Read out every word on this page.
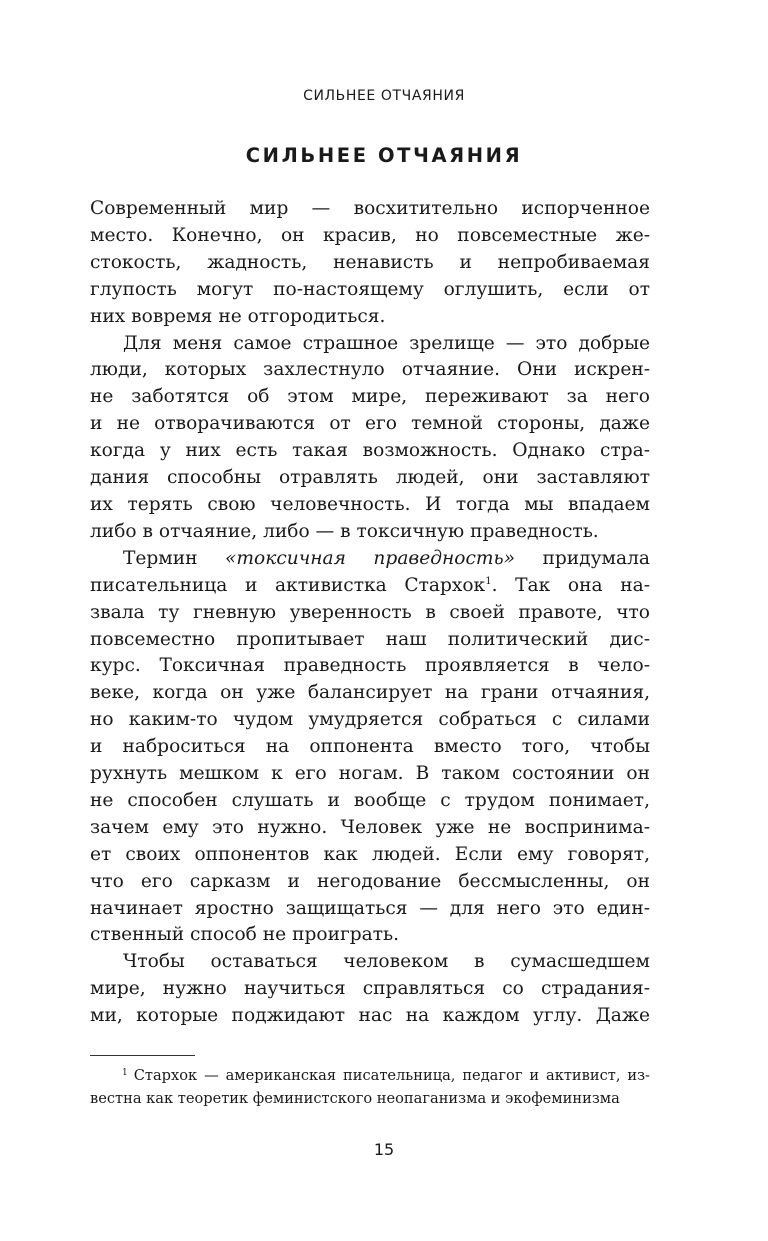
СИЛЬНЕЕ ОТЧАЯНИЯ
СИЛЬНЕЕ ОТЧАЯНИЯ

Современный мир — восхитительно испорченное

место. Конечно, он красив, но повсеместные же-

стокость, жадность, ненависть и непробиваемая

глупость могут по-настоящему оглушить, если от

них вовремя не отгородиться.

Для меня самое страшное зрелище — это добрые

люди, которых захлестнуло отчаяние. Они искрен-

не заботятся об этом мире, переживают за него

и не отворачиваются от его темной стороны, даже

когда у них есть такая возможность. Однако стра-

дания способны отравлять людей, они заставляют

их терять свою человечность. И тогда мы впадаем

либо в отчаяние, либо — в токсичную праведность.

Термин «токсичная праведность» придумала

писательница и активистка Стархок$^1$. Так она на-

звала ту гневную уверенность в своей правоте, что

повсеместно пропитывает наш политический дис-

курс. Токсичная праведность проявляется в чело-

веке, когда он уже балансирует на грани отчаяния,

но каким-то чудом умудряется собраться с силами

и наброситься на оппонента вместо того, чтобы

рухнуть мешком к его ногам. В таком состоянии он

не способен слушать и вообще с трудом понимает,

зачем ему это нужно. Человек уже не воспринима-

ет своих оппонентов как людей. Если ему говорят,

что его сарказм и негодование бессмысленны, он

начинает яростно защищаться — для него это един-

ственный способ не проиграть.

Чтобы оставаться человеком в сумасшедшем

мире, нужно научиться справляться со страдания-

ми, которые поджидают нас на каждом углу. Даже

$^1$ Стархок — американская писательница, педагог и активист, из-

вестна как теоретик феминистского неопаганизма и экофеминизма

15
